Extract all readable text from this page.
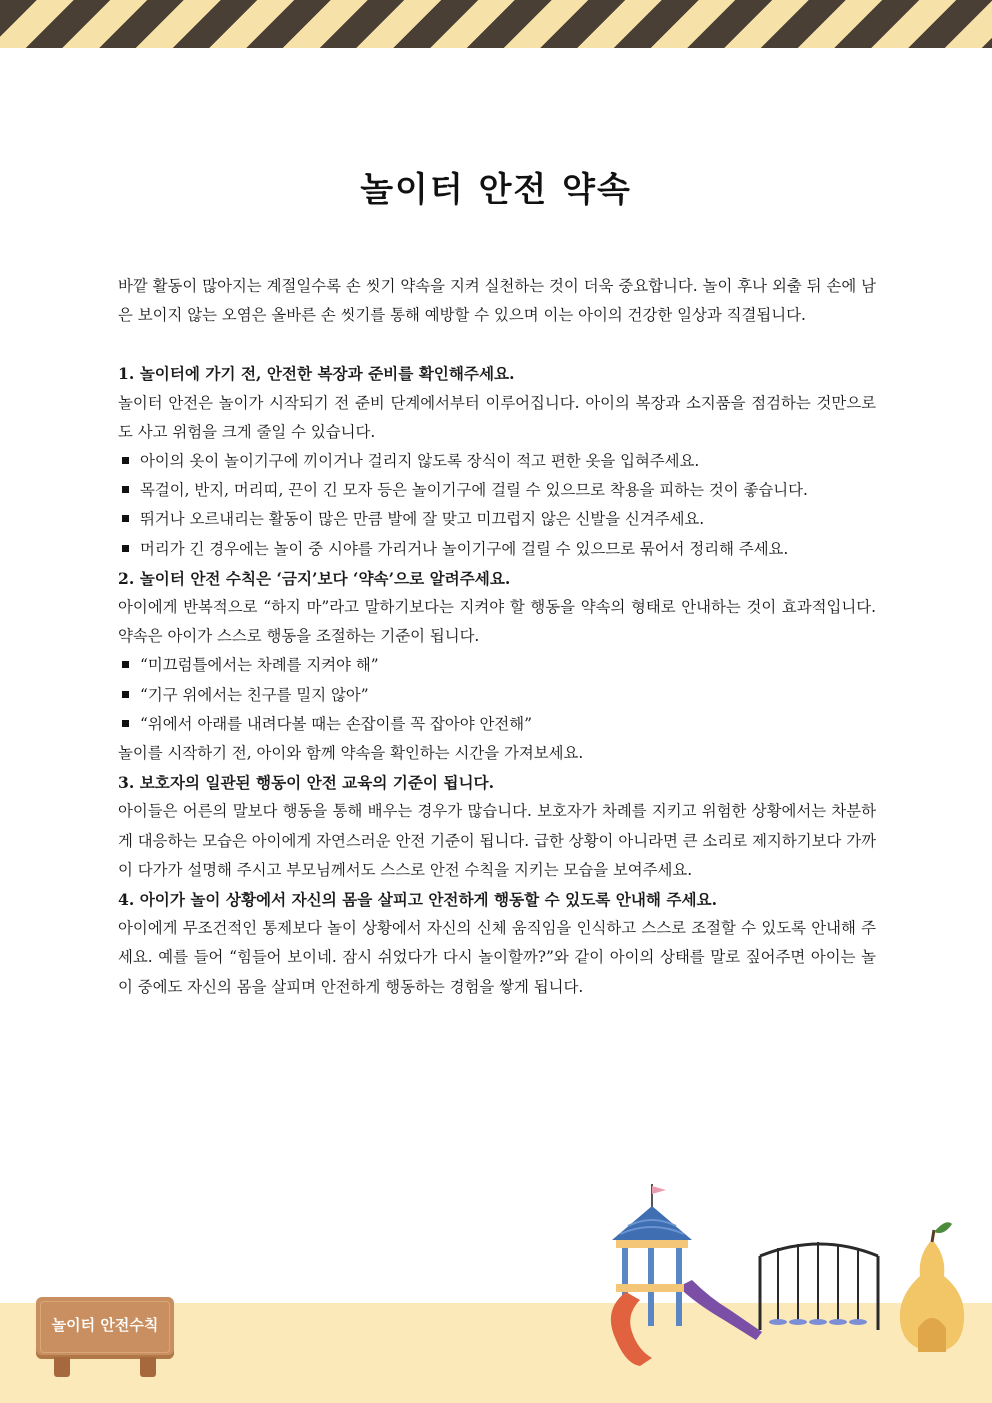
놀이터 안전 약속

바깥 활동이 많아지는 계절일수록 손 씻기 약속을 지켜 실천하는 것이 더욱 중요합니다. 놀이 후나 외출 뒤 손에 남은 보이지 않는 오염은 올바른 손 씻기를 통해 예방할 수 있으며 이는 아이의 건강한 일상과 직결됩니다.

1. 놀이터에 가기 전, 안전한 복장과 준비를 확인해주세요.

놀이터 안전은 놀이가 시작되기 전 준비 단계에서부터 이루어집니다. 아이의 복장과 소지품을 점검하는 것만으로도 사고 위험을 크게 줄일 수 있습니다.

아이의 옷이 놀이기구에 끼이거나 걸리지 않도록 장식이 적고 편한 옷을 입혀주세요.
목걸이, 반지, 머리띠, 끈이 긴 모자 등은 놀이기구에 걸릴 수 있으므로 착용을 피하는 것이 좋습니다.
뛰거나 오르내리는 활동이 많은 만큼 발에 잘 맞고 미끄럽지 않은 신발을 신겨주세요.
머리가 긴 경우에는 놀이 중 시야를 가리거나 놀이기구에 걸릴 수 있으므로 묶어서 정리해 주세요.
2. 놀이터 안전 수칙은 ‘금지’보다 ‘약속’으로 알려주세요.

아이에게 반복적으로 “하지 마”라고 말하기보다는 지켜야 할 행동을 약속의 형태로 안내하는 것이 효과적입니다. 약속은 아이가 스스로 행동을 조절하는 기준이 됩니다.

“미끄럼틀에서는 차례를 지켜야 해”
“기구 위에서는 친구를 밀지 않아”
“위에서 아래를 내려다볼 때는 손잡이를 꼭 잡아야 안전해”

놀이를 시작하기 전, 아이와 함께 약속을 확인하는 시간을 가져보세요.

3. 보호자의 일관된 행동이 안전 교육의 기준이 됩니다.

아이들은 어른의 말보다 행동을 통해 배우는 경우가 많습니다. 보호자가 차례를 지키고 위험한 상황에서는 차분하게 대응하는 모습은 아이에게 자연스러운 안전 기준이 됩니다. 급한 상황이 아니라면 큰 소리로 제지하기보다 가까이 다가가 설명해 주시고 부모님께서도 스스로 안전 수칙을 지키는 모습을 보여주세요.

4. 아이가 놀이 상황에서 자신의 몸을 살피고 안전하게 행동할 수 있도록 안내해 주세요.

아이에게 무조건적인 통제보다 놀이 상황에서 자신의 신체 움직임을 인식하고 스스로 조절할 수 있도록 안내해 주세요. 예를 들어 “힘들어 보이네. 잠시 쉬었다가 다시 놀이할까?”와 같이 아이의 상태를 말로 짚어주면 아이는 놀이 중에도 자신의 몸을 살피며 안전하게 행동하는 경험을 쌓게 됩니다.

놀이터 안전수칙
